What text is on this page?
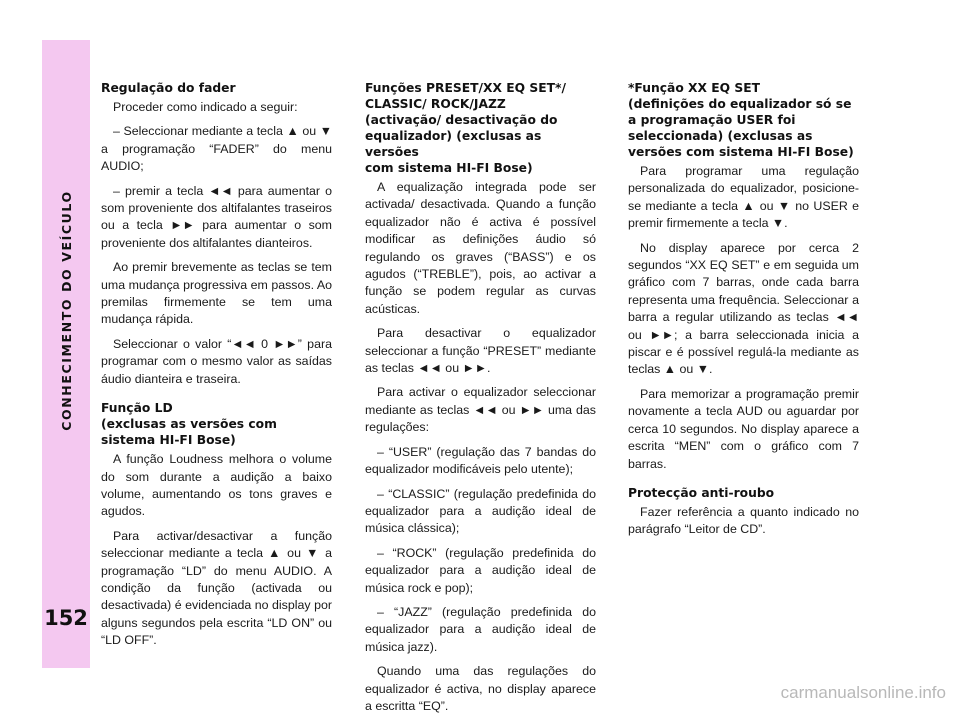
CONHECIMENTO DO VEÍCULO
152
Regulação do fader

Proceder como indicado a seguir:

– Seleccionar mediante a tecla ▲ ou ▼ a programação “FADER” do menu AUDIO;

– premir a tecla ◄◄ para aumentar o som proveniente dos altifalantes traseiros ou a tecla ►► para aumentar o som proveniente dos altifalantes dianteiros.

Ao premir brevemente as teclas se tem uma mudança progressiva em passos. Ao premilas firmemente se tem uma mudança rápida.

Seleccionar o valor “◄◄ 0 ►►” para programar com o mesmo valor as saídas áudio dianteira e traseira.

Função LD
(exclusas as versões com
sistema HI-FI Bose)

A função Loudness melhora o volume do som durante a audição a baixo volume, aumentando os tons graves e agudos.

Para activar/desactivar a função seleccionar mediante a tecla ▲ ou ▼ a programação “LD” do menu AUDIO. A condição da função (activada ou desactivada) é evidenciada no display por alguns segundos pela escrita “LD ON” ou “LD OFF”.

Funções PRESET/XX EQ SET*/
CLASSIC/ ROCK/JAZZ
(activação/ desactivação do
equalizador) (exclusas as versões
com sistema HI-FI Bose)

A equalização integrada pode ser activada/ desactivada. Quando a função equalizador não é activa é possível modificar as definições áudio só regulando os graves (“BASS”) e os agudos (“TREBLE”), pois, ao activar a função se podem regular as curvas acústicas.

Para desactivar o equalizador seleccionar a função “PRESET” mediante as teclas ◄◄ ou ►►.

Para activar o equalizador seleccionar mediante as teclas ◄◄ ou ►► uma das regulações:

– “USER” (regulação das 7 bandas do equalizador modificáveis pelo utente);

– “CLASSIC” (regulação predefinida do equalizador para a audição ideal de música clássica);

– “ROCK” (regulação predefinida do equalizador para a audição ideal de música rock e pop);

– “JAZZ” (regulação predefinida do equalizador para a audição ideal de música jazz).

Quando uma das regulações do equalizador é activa, no display aparece a escritta “EQ”.

*Função XX EQ SET
(definições do equalizador só se
a programação USER foi
seleccionada) (exclusas as
versões com sistema HI-FI Bose)

Para programar uma regulação personalizada do equalizador, posicione-se mediante a tecla ▲ ou ▼ no USER e premir firmemente a tecla ▼.

No display aparece por cerca 2 segundos “XX EQ SET” e em seguida um gráfico com 7 barras, onde cada barra representa uma frequência. Seleccionar a barra a regular utilizando as teclas ◄◄ ou ►►; a barra seleccionada inicia a piscar e é possível regulá-la mediante as teclas ▲ ou ▼.

Para memorizar a programação premir novamente a tecla AUD ou aguardar por cerca 10 segundos. No display aparece a escrita “MEN” com o gráfico com 7 barras.

Protecção anti-roubo

Fazer referência a quanto indicado no parágrafo “Leitor de CD”.

carmanualsonline.info
